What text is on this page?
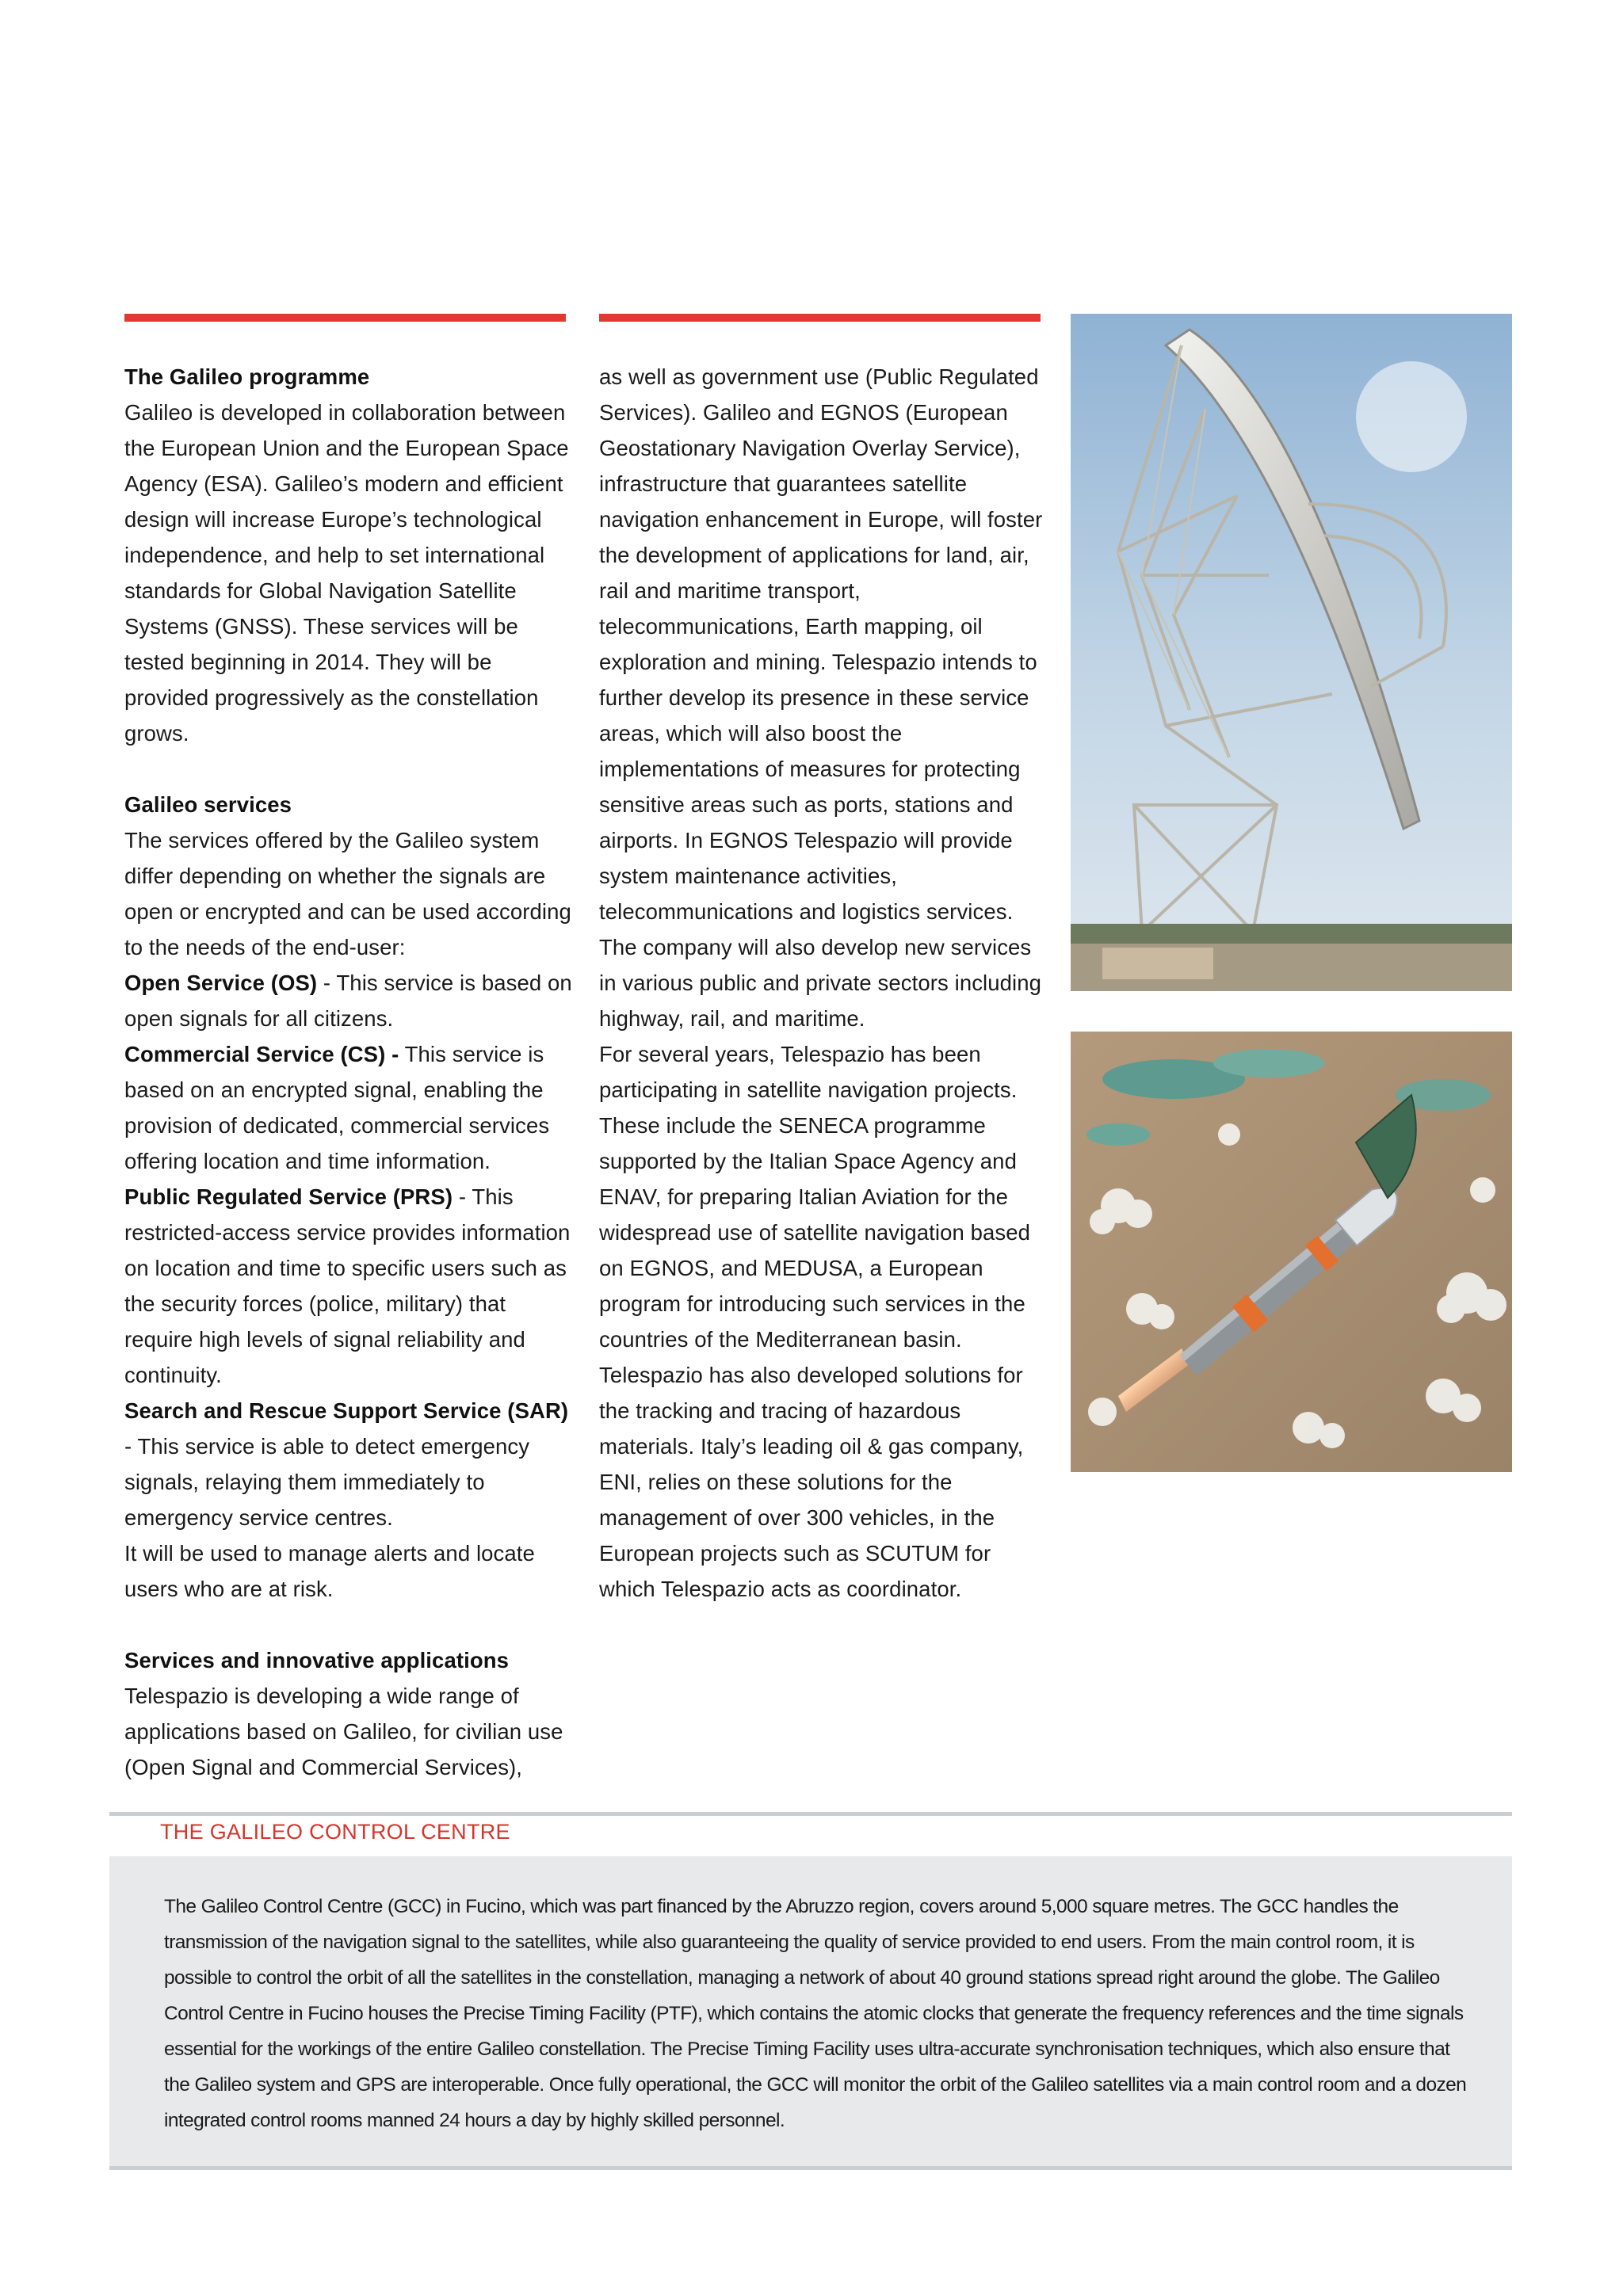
The Galileo programme

Galileo is developed in collaboration between the European Union and the European Space Agency (ESA). Galileo’s modern and efficient design will increase Europe’s technological independence, and help to set international standards for Global Navigation Satellite Systems (GNSS). These services will be tested beginning in 2014. They will be provided progressively as the constellation grows.

Galileo services

The services offered by the Galileo system differ depending on whether the signals are open or encrypted and can be used according to the needs of the end-user:

Open Service (OS) - This service is based on open signals for all citizens.

Commercial Service (CS) - This service is based on an encrypted signal, enabling the provision of dedicated, commercial services offering location and time information.

Public Regulated Service (PRS) - This restricted-access service provides information on location and time to specific users such as the security forces (police, military) that require high levels of signal reliability and continuity.

Search and Rescue Support Service (SAR) - This service is able to detect emergency signals, relaying them immediately to emergency service centres.

It will be used to manage alerts and locate users who are at risk.

Services and innovative applications

Telespazio is developing a wide range of applications based on Galileo, for civilian use (Open Signal and Commercial Services),

as well as government use (Public Regulated Services). Galileo and EGNOS (European Geostationary Navigation Overlay Service), infrastructure that guarantees satellite navigation enhancement in Europe, will foster the development of applications for land, air, rail and maritime transport, telecommunications, Earth mapping, oil exploration and mining. Telespazio intends to further develop its presence in these service areas, which will also boost the implementations of measures for protecting sensitive areas such as ports, stations and airports. In EGNOS Telespazio will provide system maintenance activities, telecommunications and logistics services. The company will also develop new services in various public and private sectors including highway, rail, and maritime.

For several years, Telespazio has been participating in satellite navigation projects. These include the SENECA programme supported by the Italian Space Agency and ENAV, for preparing Italian Aviation for the widespread use of satellite navigation based on EGNOS, and MEDUSA, a European program for introducing such services in the countries of the Mediterranean basin.

Telespazio has also developed solutions for the tracking and tracing of hazardous materials. Italy’s leading oil & gas company, ENI, relies on these solutions for the management of over 300 vehicles, in the European projects such as SCUTUM for which Telespazio acts as coordinator.

THE GALILEO CONTROL CENTRE
The Galileo Control Centre (GCC) in Fucino, which was part financed by the Abruzzo region, covers around 5,000 square metres. The GCC handles the transmission of the navigation signal to the satellites, while also guaranteeing the quality of service provided to end users. From the main control room, it is possible to control the orbit of all the satellites in the constellation, managing a network of about 40 ground stations spread right around the globe. The Galileo Control Centre in Fucino houses the Precise Timing Facility (PTF), which contains the atomic clocks that generate the frequency references and the time signals essential for the workings of the entire Galileo constellation. The Precise Timing Facility uses ultra-accurate synchronisation techniques, which also ensure that the Galileo system and GPS are interoperable. Once fully operational, the GCC will monitor the orbit of the Galileo satellites via a main control room and a dozen integrated control rooms manned 24 hours a day by highly skilled personnel.
